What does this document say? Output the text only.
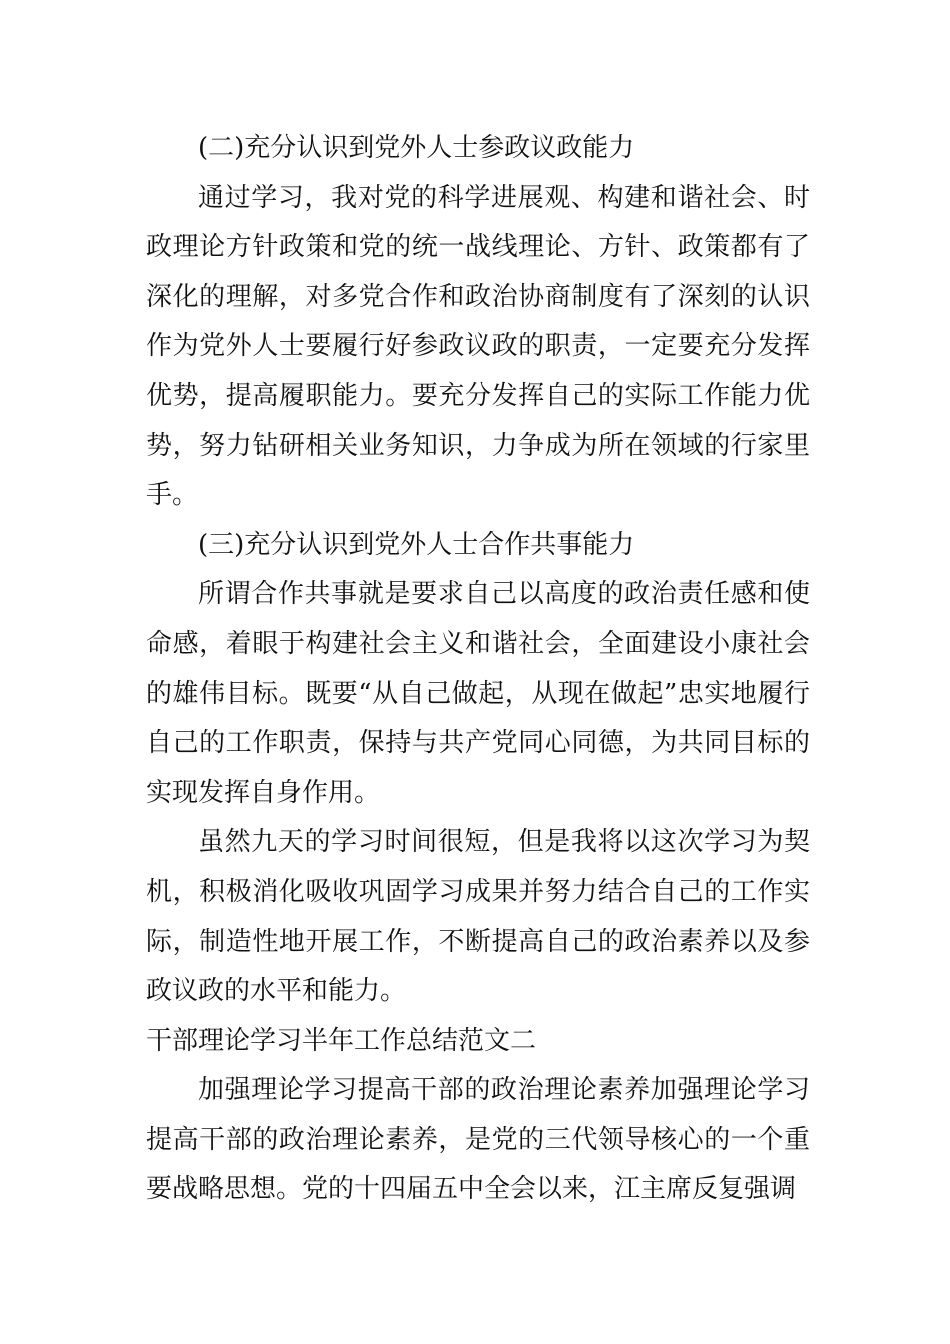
(二)充分认识到党外人士参政议政能力

通过学习，我对党的科学进展观、构建和谐社会、时政理论方针政策和党的统一战线理论、方针、政策都有了深化的理解，对多党合作和政治协商制度有了深刻的认识作为党外人士要履行好参政议政的职责，一定要充分发挥优势，提高履职能力。要充分发挥自己的实际工作能力优势，努力钻研相关业务知识，力争成为所在领域的行家里手。

(三)充分认识到党外人士合作共事能力

所谓合作共事就是要求自己以高度的政治责任感和使命感，着眼于构建社会主义和谐社会，全面建设小康社会的雄伟目标。既要“从自己做起，从现在做起”忠实地履行自己的工作职责，保持与共产党同心同德，为共同目标的实现发挥自身作用。

虽然九天的学习时间很短，但是我将以这次学习为契机，积极消化吸收巩固学习成果并努力结合自己的工作实际，制造性地开展工作，不断提高自己的政治素养以及参政议政的水平和能力。

干部理论学习半年工作总结范文二

加强理论学习提高干部的政治理论素养加强理论学习提高干部的政治理论素养，是党的三代领导核心的一个重要战略思想。党的十四届五中全会以来，江主席反复强调
